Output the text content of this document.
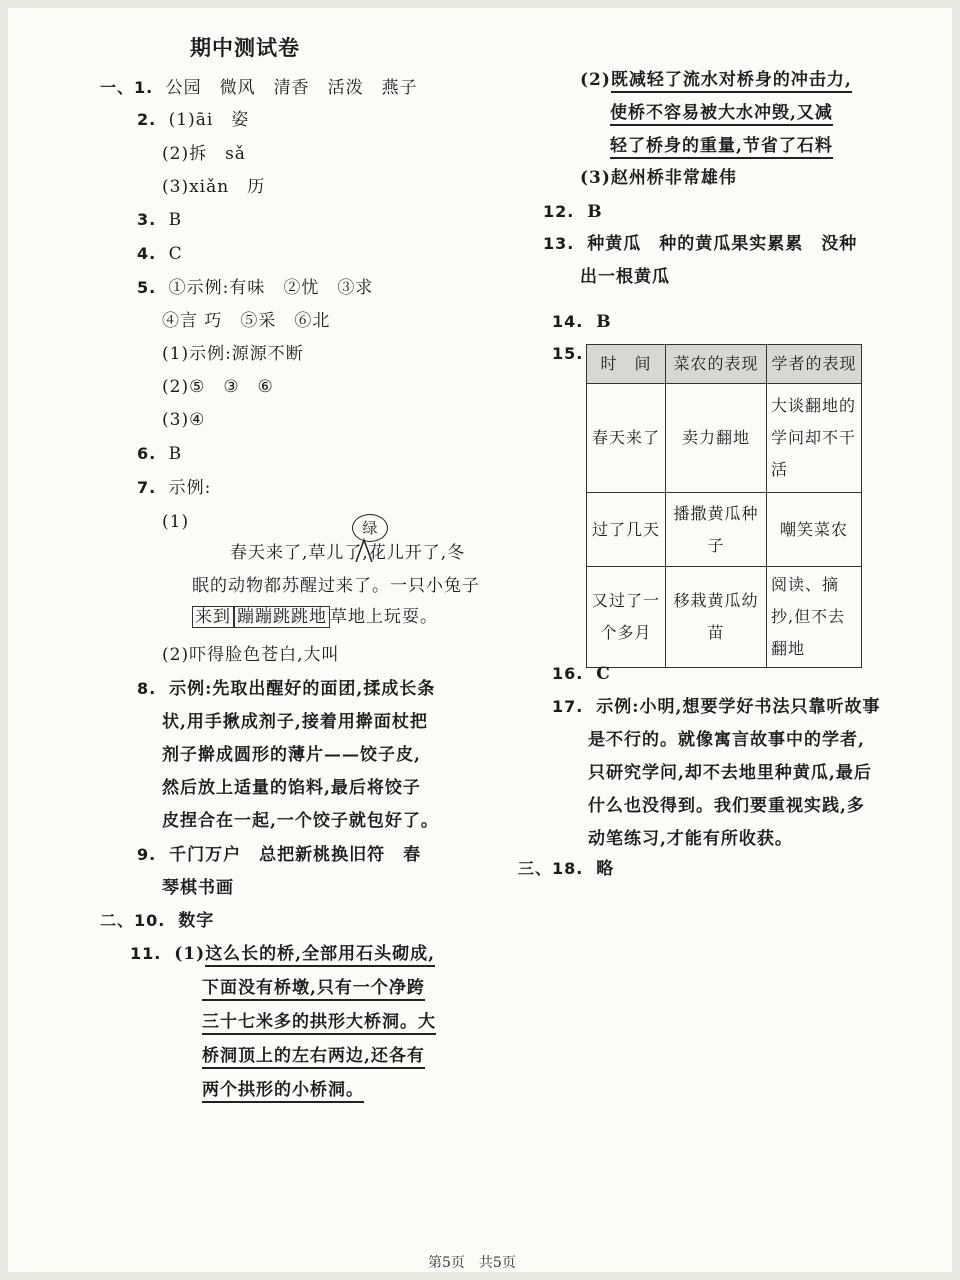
期中测试卷
一、1. 公园　微风　清香　活泼　燕子
2. (1)āi　姿
(2)拆　sǎ
(3)xiǎn　历
3. B
4. C
5. ①示例:有味　②忧　③求
④言 巧　⑤采　⑥北
(1)示例:源源不断
(2)⑤　③　⑥
(3)④
6. B
7. 示例:
(1)	绿
春天来了,草儿了,花儿开了,冬
眠的动物都苏醒过来了。一只小兔子
来到 蹦蹦跳跳地 草地上玩耍。
(2)吓得脸色苍白,大叫
8. 示例:先取出醒好的面团,揉成长条
状,用手揪成剂子,接着用擀面杖把
剂子擀成圆形的薄片——饺子皮,
然后放上适量的馅料,最后将饺子
皮捏合在一起,一个饺子就包好了。
9. 千门万户　总把新桃换旧符　春
琴棋书画
二、10. 数字
11. (1)这么长的桥,全部用石头砌成,
下面没有桥墩,只有一个净跨
三十七米多的拱形大桥洞。大
桥洞顶上的左右两边,还各有
两个拱形的小桥洞。
(2)既减轻了流水对桥身的冲击力,
使桥不容易被大水冲毁,又减
轻了桥身的重量,节省了石料
(3)赵州桥非常雄伟
12. B
13. 种黄瓜　种的黄瓜果实累累　没种
出一根黄瓜
14. B
15.
时　间	菜农的表现	学者的表现
春天来了	卖力翻地	大谈翻地的学问却不干活
过了几天	播撒黄瓜种子	嘲笑菜农
又过了一个多月	移栽黄瓜幼苗	阅读、摘抄,但不去翻地
16. C
17. 示例:小明,想要学好书法只靠听故事
是不行的。就像寓言故事中的学者,
只研究学问,却不去地里种黄瓜,最后
什么也没得到。我们要重视实践,多
动笔练习,才能有所收获。
三、18. 略
第5页　共5页
